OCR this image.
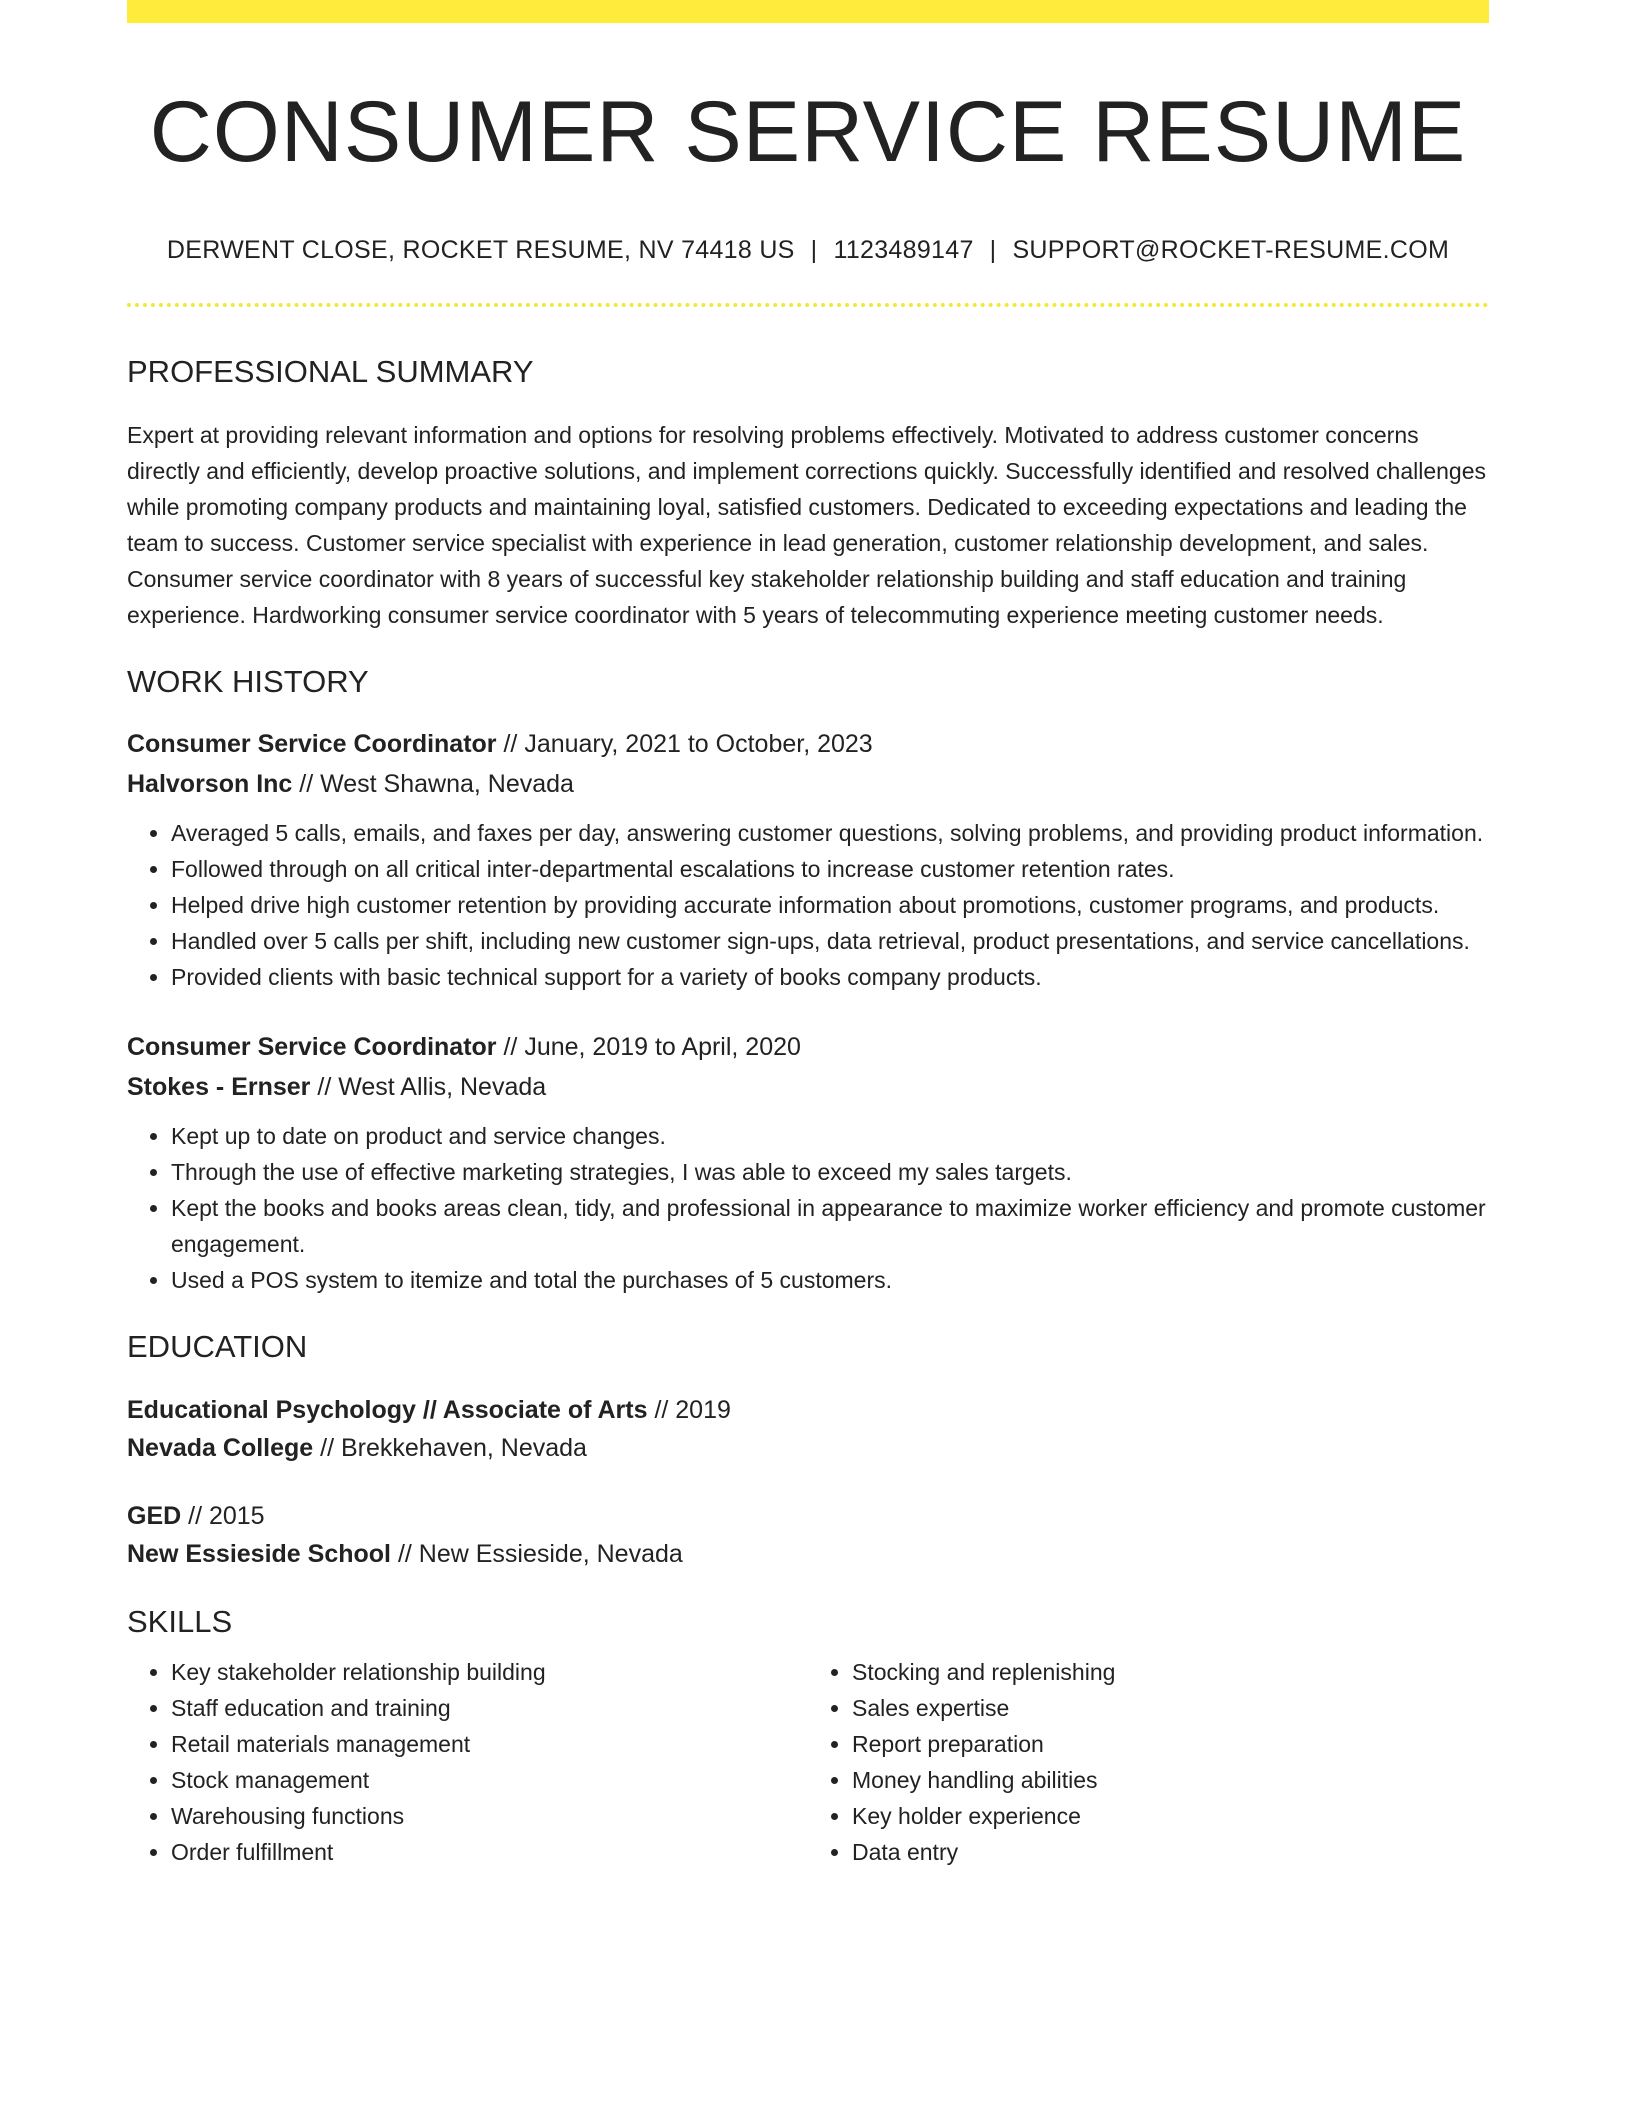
CONSUMER SERVICE RESUME
DERWENT CLOSE, ROCKET RESUME, NV 74418 US | 1123489147 | SUPPORT@ROCKET-RESUME.COM
PROFESSIONAL SUMMARY
Expert at providing relevant information and options for resolving problems effectively. Motivated to address customer concerns directly and efficiently, develop proactive solutions, and implement corrections quickly. Successfully identified and resolved challenges while promoting company products and maintaining loyal, satisfied customers. Dedicated to exceeding expectations and leading the team to success. Customer service specialist with experience in lead generation, customer relationship development, and sales. Consumer service coordinator with 8 years of successful key stakeholder relationship building and staff education and training experience. Hardworking consumer service coordinator with 5 years of telecommuting experience meeting customer needs.
WORK HISTORY
Consumer Service Coordinator // January, 2021 to October, 2023
Halvorson Inc // West Shawna, Nevada
• Averaged 5 calls, emails, and faxes per day, answering customer questions, solving problems, and providing product information.
• Followed through on all critical inter-departmental escalations to increase customer retention rates.
• Helped drive high customer retention by providing accurate information about promotions, customer programs, and products.
• Handled over 5 calls per shift, including new customer sign-ups, data retrieval, product presentations, and service cancellations.
• Provided clients with basic technical support for a variety of books company products.
Consumer Service Coordinator // June, 2019 to April, 2020
Stokes - Ernser // West Allis, Nevada
• Kept up to date on product and service changes.
• Through the use of effective marketing strategies, I was able to exceed my sales targets.
• Kept the books and books areas clean, tidy, and professional in appearance to maximize worker efficiency and promote customer engagement.
• Used a POS system to itemize and total the purchases of 5 customers.
EDUCATION
Educational Psychology // Associate of Arts // 2019
Nevada College // Brekkehaven, Nevada
GED // 2015
New Essieside School // New Essieside, Nevada
SKILLS
• Key stakeholder relationship building
• Staff education and training
• Retail materials management
• Stock management
• Warehousing functions
• Order fulfillment
• Stocking and replenishing
• Sales expertise
• Report preparation
• Money handling abilities
• Key holder experience
• Data entry
